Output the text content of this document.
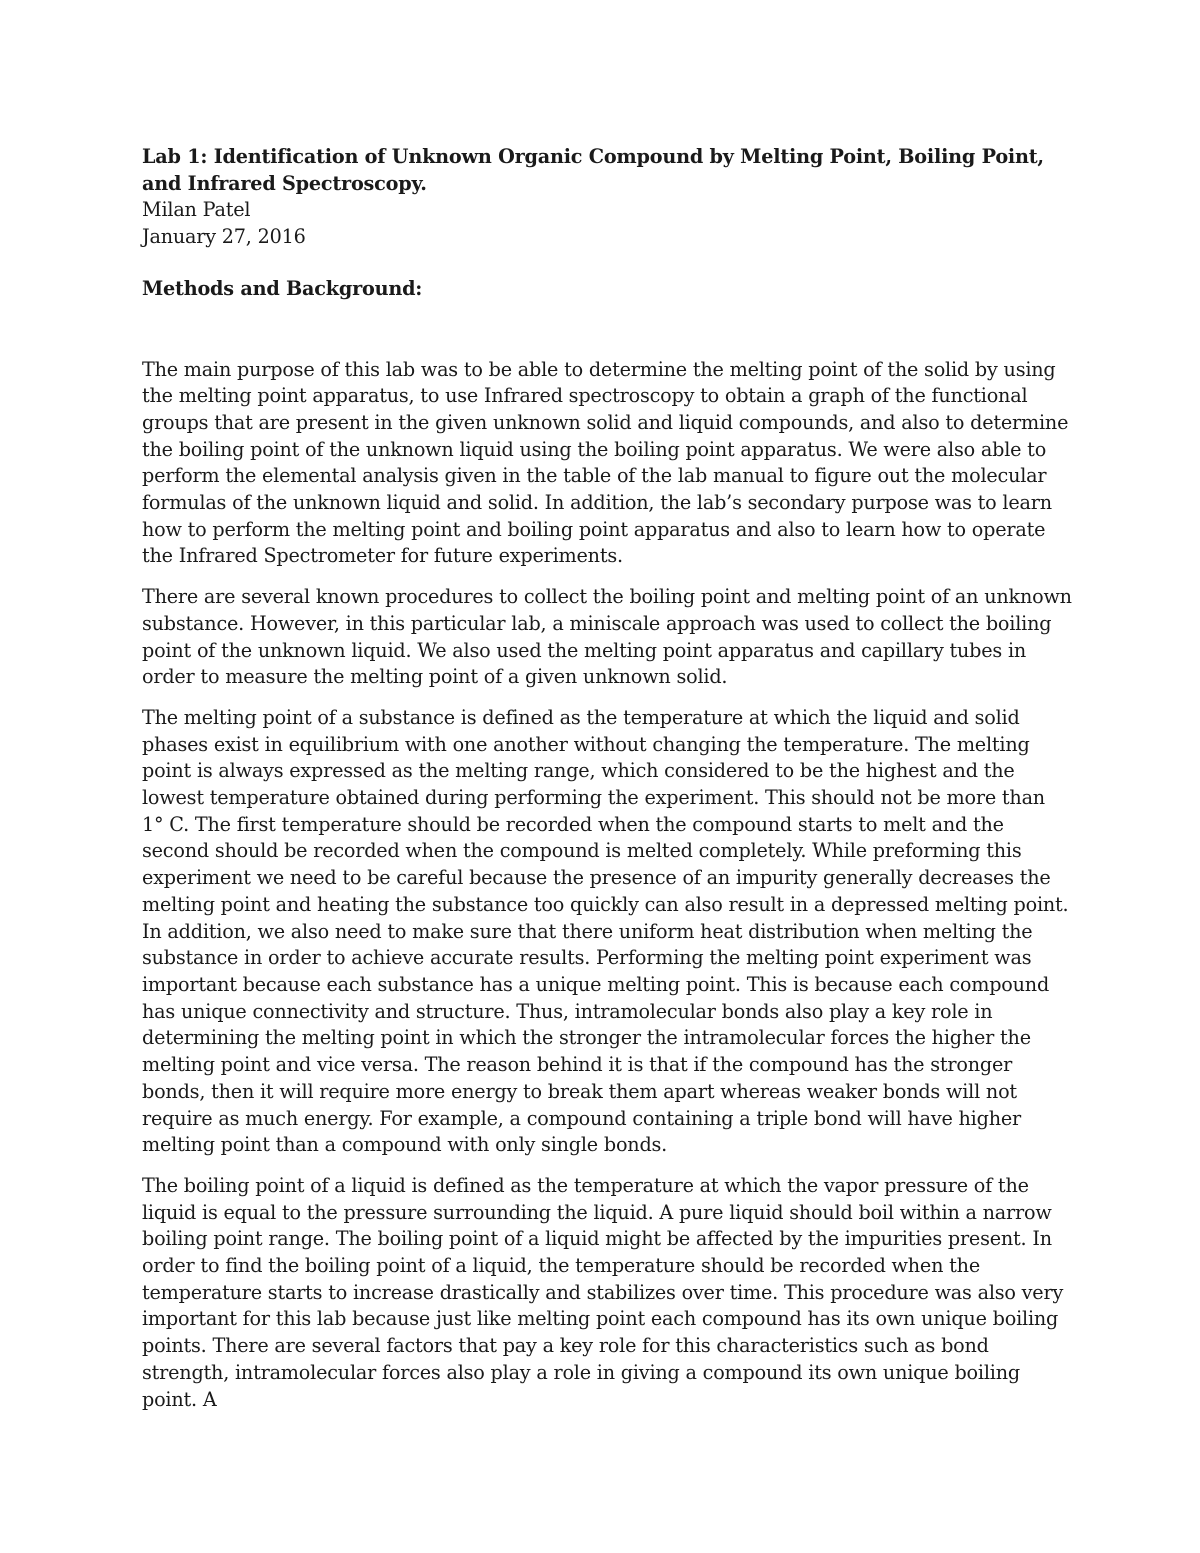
Lab 1: Identification of Unknown Organic Compound by Melting Point, Boiling Point, and Infrared Spectroscopy.

Milan Patel

January 27, 2016

Methods and Background:

The main purpose of this lab was to be able to determine the melting point of the solid by using the melting point apparatus, to use Infrared spectroscopy to obtain a graph of the functional groups that are present in the given unknown solid and liquid compounds, and also to determine the boiling point of the unknown liquid using the boiling point apparatus. We were also able to perform the elemental analysis given in the table of the lab manual to figure out the molecular formulas of the unknown liquid and solid. In addition, the lab’s secondary purpose was to learn how to perform the melting point and boiling point apparatus and also to learn how to operate the Infrared Spectrometer for future experiments.

There are several known procedures to collect the boiling point and melting point of an unknown substance. However, in this particular lab, a miniscale approach was used to collect the boiling point of the unknown liquid. We also used the melting point apparatus and capillary tubes in order to measure the melting point of a given unknown solid.

The melting point of a substance is defined as the temperature at which the liquid and solid phases exist in equilibrium with one another without changing the temperature. The melting point is always expressed as the melting range, which considered to be the highest and the lowest temperature obtained during performing the experiment. This should not be more than 1° C. The first temperature should be recorded when the compound starts to melt and the second should be recorded when the compound is melted completely. While preforming this experiment we need to be careful because the presence of an impurity generally decreases the melting point and heating the substance too quickly can also result in a depressed melting point. In addition, we also need to make sure that there uniform heat distribution when melting the substance in order to achieve accurate results. Performing the melting point experiment was important because each substance has a unique melting point. This is because each compound has unique connectivity and structure. Thus, intramolecular bonds also play a key role in determining the melting point in which the stronger the intramolecular forces the higher the melting point and vice versa. The reason behind it is that if the compound has the stronger bonds, then it will require more energy to break them apart whereas weaker bonds will not require as much energy. For example, a compound containing a triple bond will have higher melting point than a compound with only single bonds.

The boiling point of a liquid is defined as the temperature at which the vapor pressure of the liquid is equal to the pressure surrounding the liquid. A pure liquid should boil within a narrow boiling point range. The boiling point of a liquid might be affected by the impurities present. In order to find the boiling point of a liquid, the temperature should be recorded when the temperature starts to increase drastically and stabilizes over time. This procedure was also very important for this lab because just like melting point each compound has its own unique boiling points. There are several factors that pay a key role for this characteristics such as bond strength, intramolecular forces also play a role in giving a compound its own unique boiling point. A
